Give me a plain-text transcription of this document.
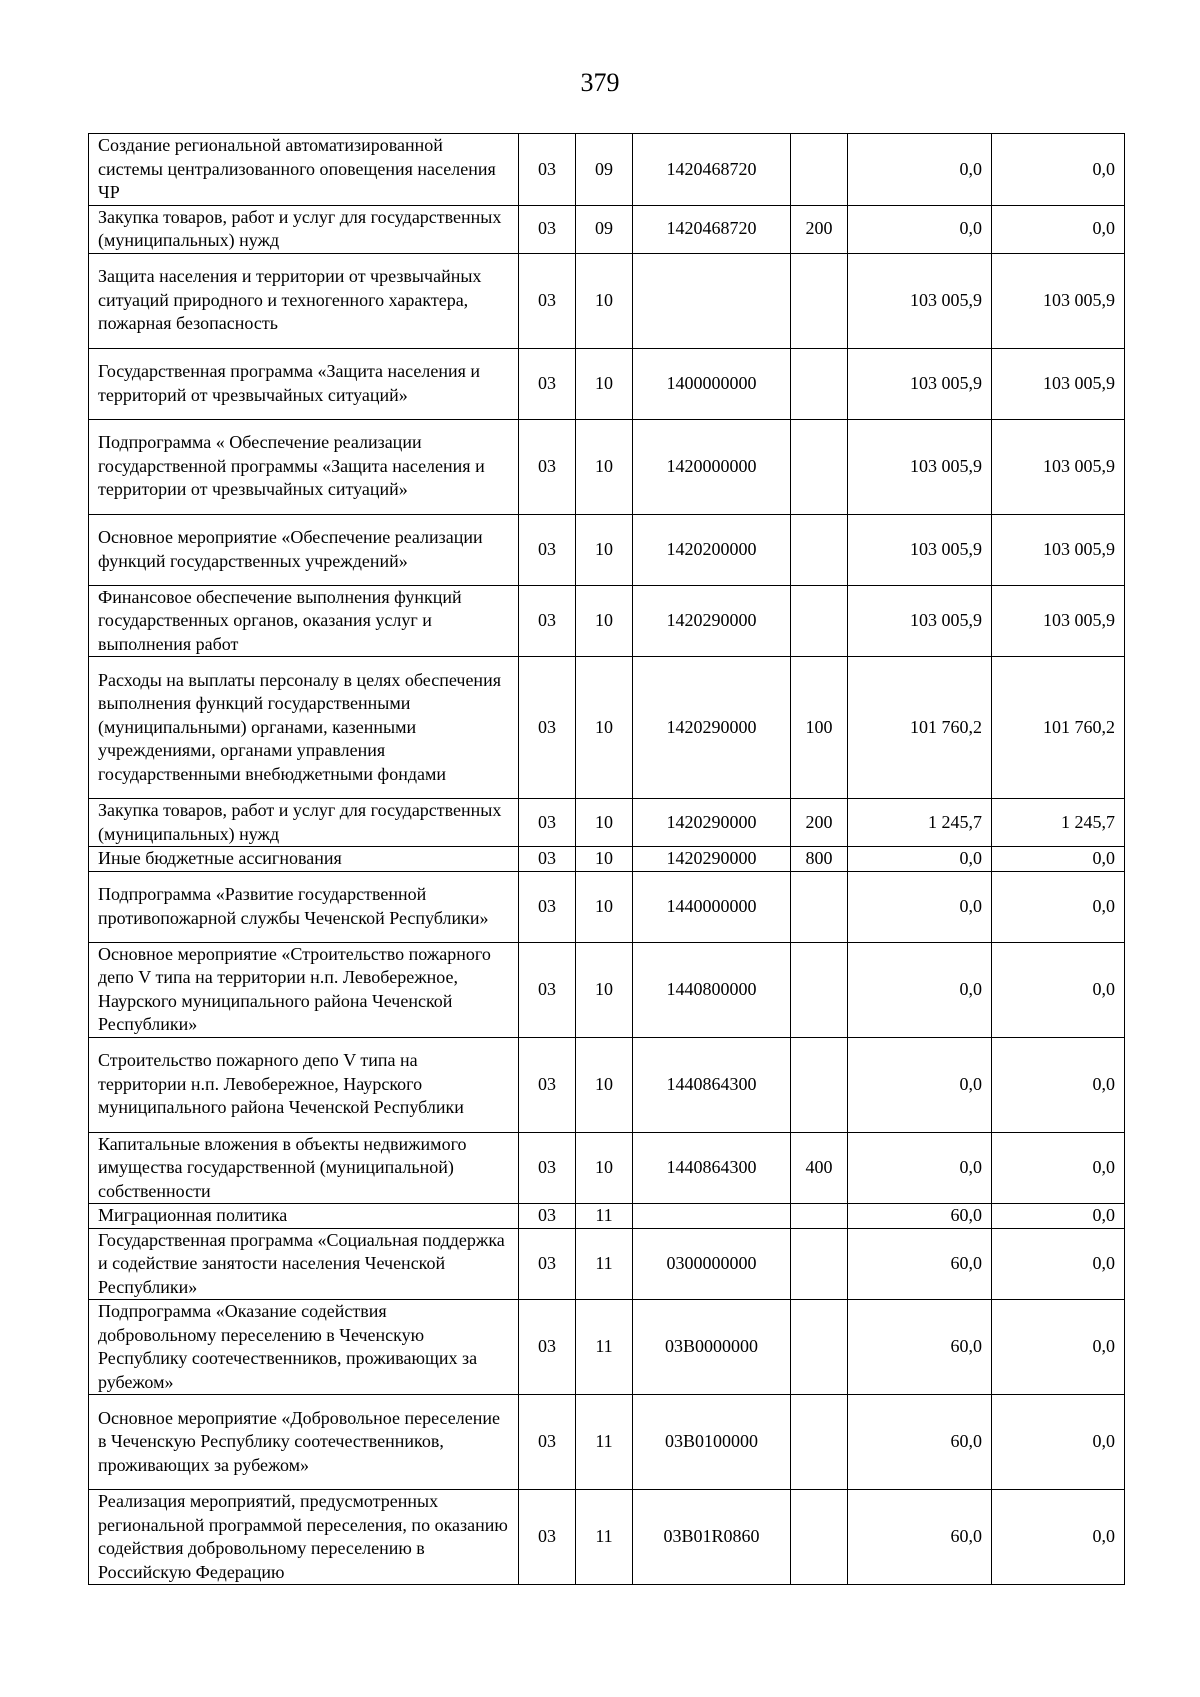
379
Создание региональной автоматизированной системы централизованного оповещения населения ЧР	03	09	1420468720		0,0	0,0
Закупка товаров, работ и услуг для государственных (муниципальных) нужд	03	09	1420468720	200	0,0	0,0
Защита населения и территории от чрезвычайных ситуаций природного и техногенного характера, пожарная безопасность	03	10			103 005,9	103 005,9
Государственная программа «Защита населения и территорий от чрезвычайных ситуаций»	03	10	1400000000		103 005,9	103 005,9
Подпрограмма « Обеспечение реализации государственной программы «Защита населения и территории от чрезвычайных ситуаций»	03	10	1420000000		103 005,9	103 005,9
Основное мероприятие «Обеспечение реализации функций государственных учреждений»	03	10	1420200000		103 005,9	103 005,9
Финансовое обеспечение выполнения функций государственных органов, оказания услуг и выполнения работ	03	10	1420290000		103 005,9	103 005,9
Расходы на выплаты персоналу в целях обеспечения выполнения функций государственными (муниципальными) органами, казенными учреждениями, органами управления государственными внебюджетными фондами	03	10	1420290000	100	101 760,2	101 760,2
Закупка товаров, работ и услуг для государственных (муниципальных) нужд	03	10	1420290000	200	1 245,7	1 245,7
Иные бюджетные ассигнования	03	10	1420290000	800	0,0	0,0
Подпрограмма «Развитие государственной противопожарной службы Чеченской Республики»	03	10	1440000000		0,0	0,0
Основное мероприятие «Строительство пожарного депо V типа на территории н.п. Левобережное, Наурского муниципального района Чеченской Республики»	03	10	1440800000		0,0	0,0
Строительство пожарного депо V типа на территории н.п. Левобережное, Наурского муниципального района Чеченской Республики	03	10	1440864300		0,0	0,0
Капитальные вложения в объекты недвижимого имущества государственной (муниципальной) собственности	03	10	1440864300	400	0,0	0,0
Миграционная политика	03	11			60,0	0,0
Государственная программа «Социальная поддержка и содействие занятости населения Чеченской Республики»	03	11	0300000000		60,0	0,0
Подпрограмма «Оказание содействия добровольному переселению в Чеченскую Республику соотечественников, проживающих за рубежом»	03	11	03В0000000		60,0	0,0
Основное мероприятие «Добровольное переселение в Чеченскую Республику соотечественников, проживающих за рубежом»	03	11	03В0100000		60,0	0,0
Реализация мероприятий, предусмотренных региональной программой переселения, по оказанию содействия добровольному переселению в Российскую Федерацию	03	11	03В01R0860		60,0	0,0
